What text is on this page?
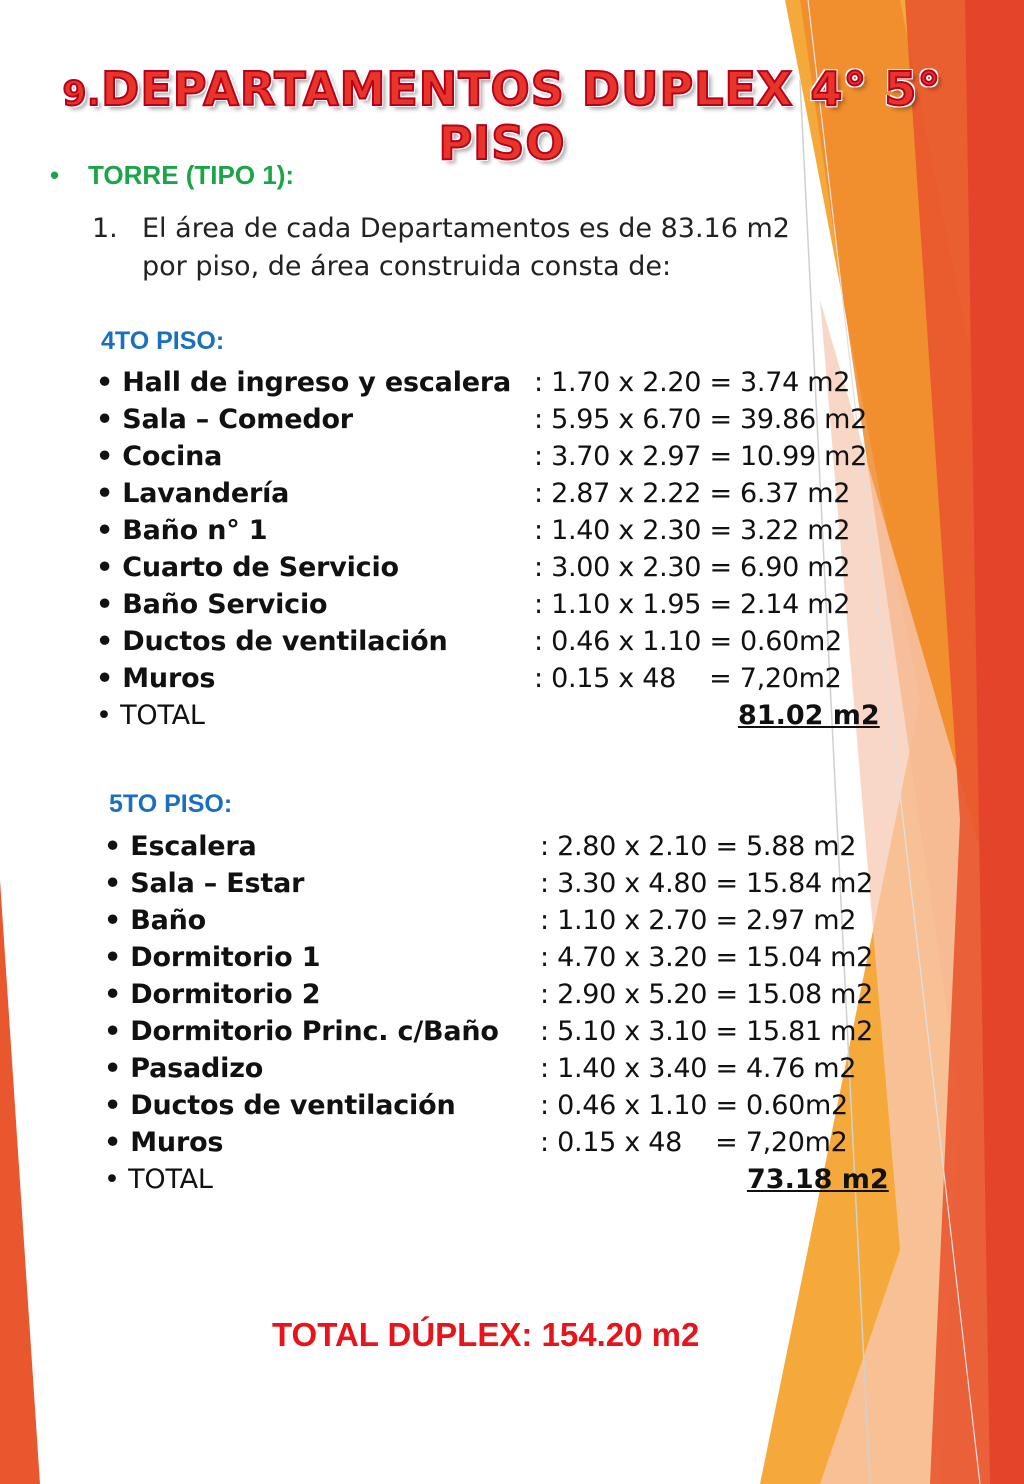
9.DEPARTAMENTOS DUPLEX 4° 5° PISO
• TORRE (TIPO 1):
1. El área de cada Departamentos es de 83.16 m2
por piso, de área construida consta de:
4TO PISO:
• Hall de ingreso y escalera : 1.70 x 2.20 = 3.74 m2
• Sala – Comedor	: 5.95 x 6.70 = 39.86 m2
• Cocina	: 3.70 x 2.97 = 10.99 m2
• Lavandería	: 2.87 x 2.22 = 6.37 m2
• Baño n° 1	: 1.40 x 2.30 = 3.22 m2
• Cuarto de Servicio	: 3.00 x 2.30 = 6.90 m2
• Baño Servicio	: 1.10 x 1.95 = 2.14 m2
• Ductos de ventilación	: 0.46 x 1.10 = 0.60m2
• Muros	: 0.15 x 48    = 7,20m2
• TOTAL	81.02 m2
5TO PISO:
• Escalera	: 2.80 x 2.10 = 5.88 m2
• Sala – Estar	: 3.30 x 4.80 = 15.84 m2
• Baño	: 1.10 x 2.70 = 2.97 m2
• Dormitorio 1	: 4.70 x 3.20 = 15.04 m2
• Dormitorio 2	: 2.90 x 5.20 = 15.08 m2
• Dormitorio Princ. c/Baño : 5.10 x 3.10 = 15.81 m2
• Pasadizo	: 1.40 x 3.40 = 4.76 m2
• Ductos de ventilación	: 0.46 x 1.10 = 0.60m2
• Muros	: 0.15 x 48    = 7,20m2
• TOTAL	73.18 m2
TOTAL DÚPLEX: 154.20 m2
